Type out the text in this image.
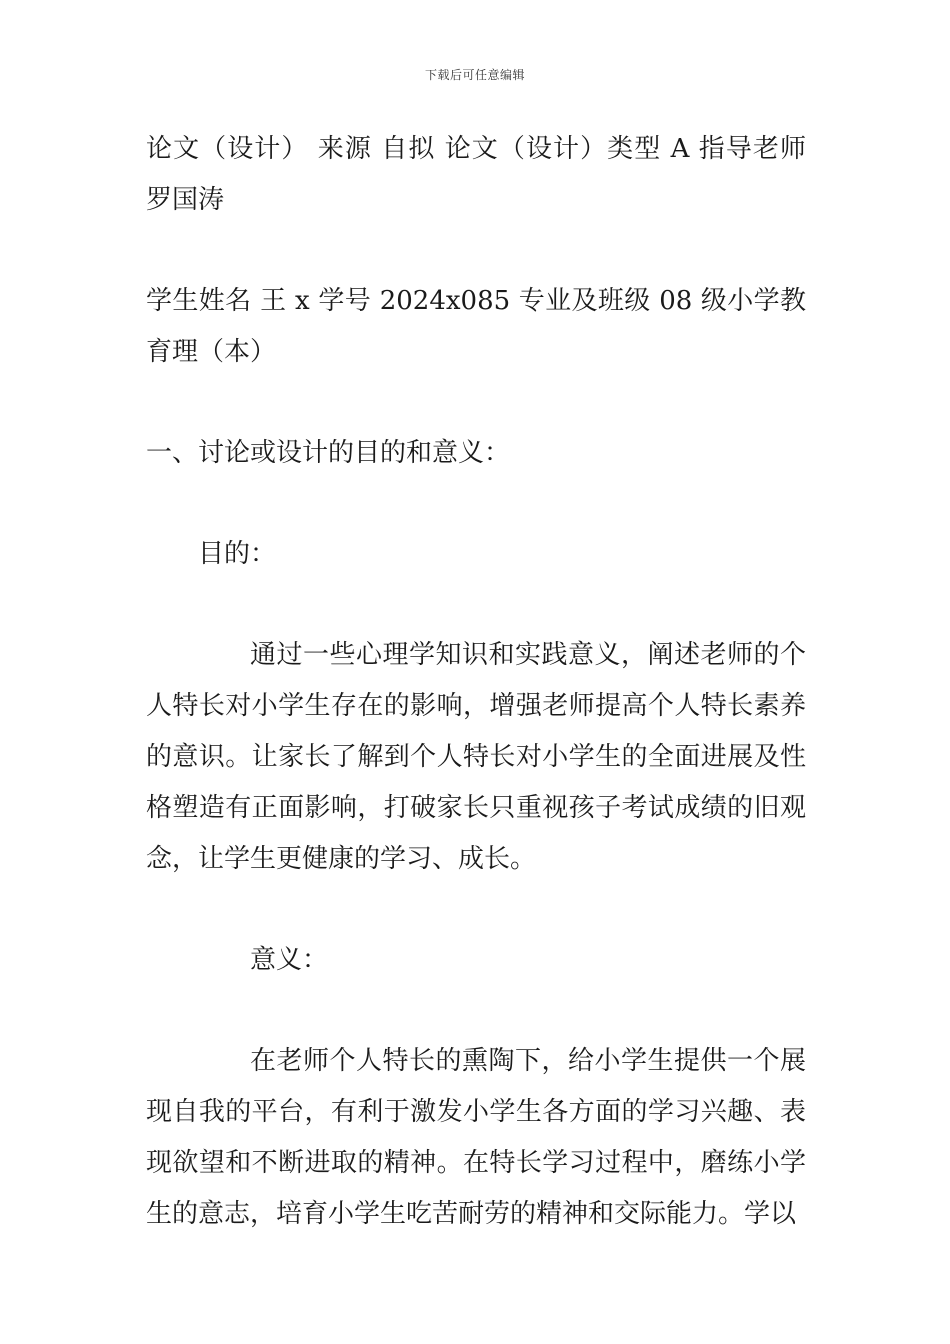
下载后可任意编辑

论文（设计） 来源 自拟 论文（设计）类型 A 指导老师 罗国涛

学生姓名 王 x 学号 2024x085 专业及班级 08 级小学教育理（本）

一、讨论或设计的目的和意义：

目的：

通过一些心理学知识和实践意义，阐述老师的个人特长对小学生存在的影响，增强老师提高个人特长素养的意识。让家长了解到个人特长对小学生的全面进展及性格塑造有正面影响，打破家长只重视孩子考试成绩的旧观念，让学生更健康的学习、成长。

意义：

在老师个人特长的熏陶下，给小学生提供一个展现自我的平台，有利于激发小学生各方面的学习兴趣、表现欲望和不断进取的精神。在特长学习过程中，磨练小学生的意志，培育小学生吃苦耐劳的精神和交际能力。学以
